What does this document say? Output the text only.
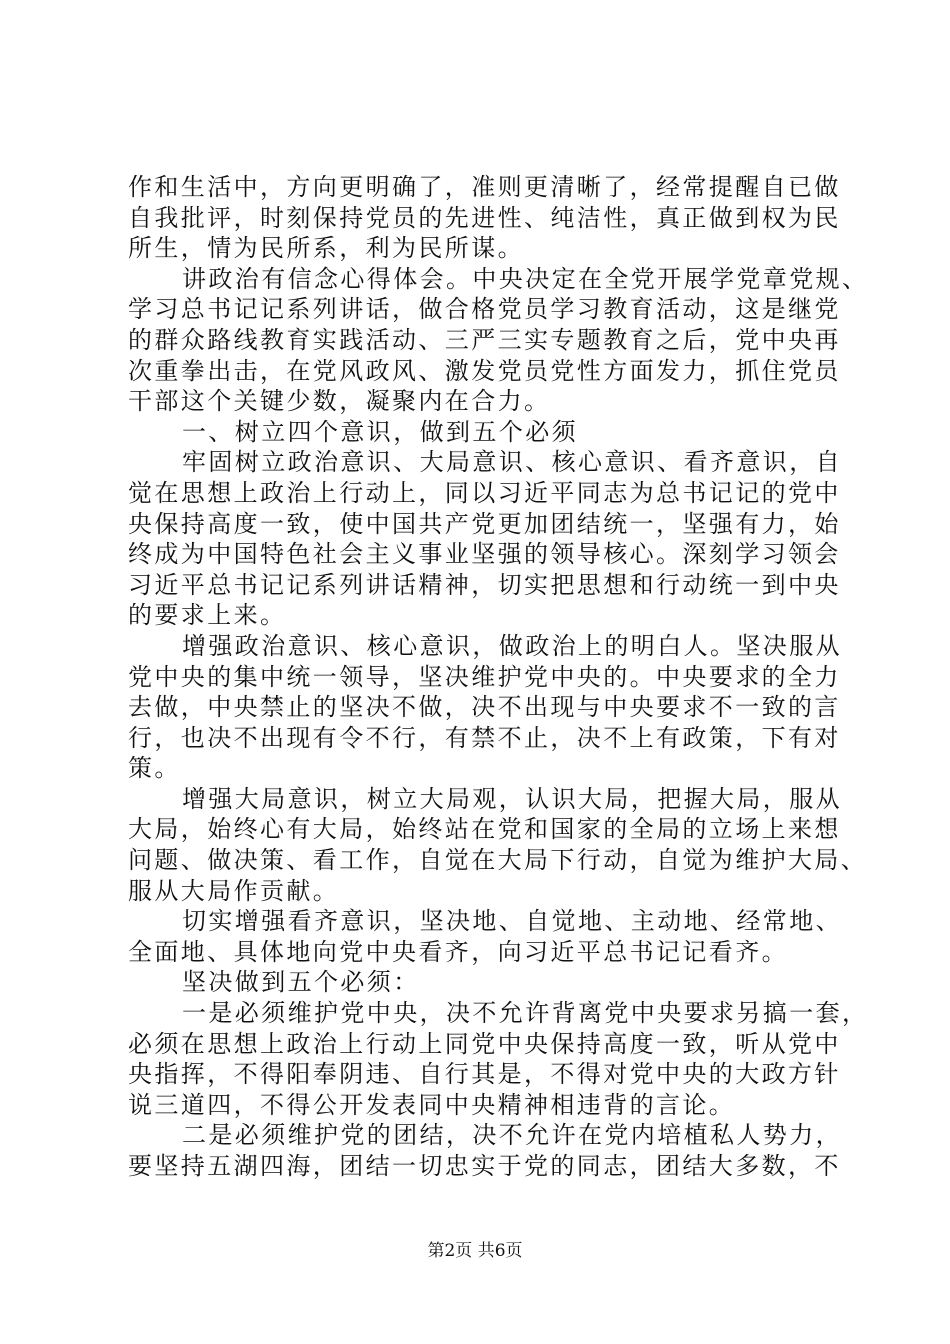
作和生活中，方向更明确了，准则更清晰了，经常提醒自已做
自我批评，时刻保持党员的先进性、纯洁性，真正做到权为民
所生，情为民所系，利为民所谋。
讲政治有信念心得体会。中央决定在全党开展学党章党规、
学习总书记记系列讲话，做合格党员学习教育活动，这是继党
的群众路线教育实践活动、三严三实专题教育之后，党中央再
次重拳出击，在党风政风、激发党员党性方面发力，抓住党员
干部这个关键少数，凝聚内在合力。
一、树立四个意识，做到五个必须
牢固树立政治意识、大局意识、核心意识、看齐意识，自
觉在思想上政治上行动上，同以习近平同志为总书记记的党中
央保持高度一致，使中国共产党更加团结统一，坚强有力，始
终成为中国特色社会主义事业坚强的领导核心。深刻学习领会
习近平总书记记系列讲话精神，切实把思想和行动统一到中央
的要求上来。
增强政治意识、核心意识，做政治上的明白人。坚决服从
党中央的集中统一领导，坚决维护党中央的。中央要求的全力
去做，中央禁止的坚决不做，决不出现与中央要求不一致的言
行，也决不出现有令不行，有禁不止，决不上有政策，下有对
策。
增强大局意识，树立大局观，认识大局，把握大局，服从
大局，始终心有大局，始终站在党和国家的全局的立场上来想
问题、做决策、看工作，自觉在大局下行动，自觉为维护大局、
服从大局作贡献。
切实增强看齐意识，坚决地、自觉地、主动地、经常地、
全面地、具体地向党中央看齐，向习近平总书记记看齐。
坚决做到五个必须：
一是必须维护党中央，决不允许背离党中央要求另搞一套，
必须在思想上政治上行动上同党中央保持高度一致，听从党中
央指挥，不得阳奉阴违、自行其是，不得对党中央的大政方针
说三道四，不得公开发表同中央精神相违背的言论。
二是必须维护党的团结，决不允许在党内培植私人势力，
要坚持五湖四海，团结一切忠实于党的同志，团结大多数，不
第2页 共6页
